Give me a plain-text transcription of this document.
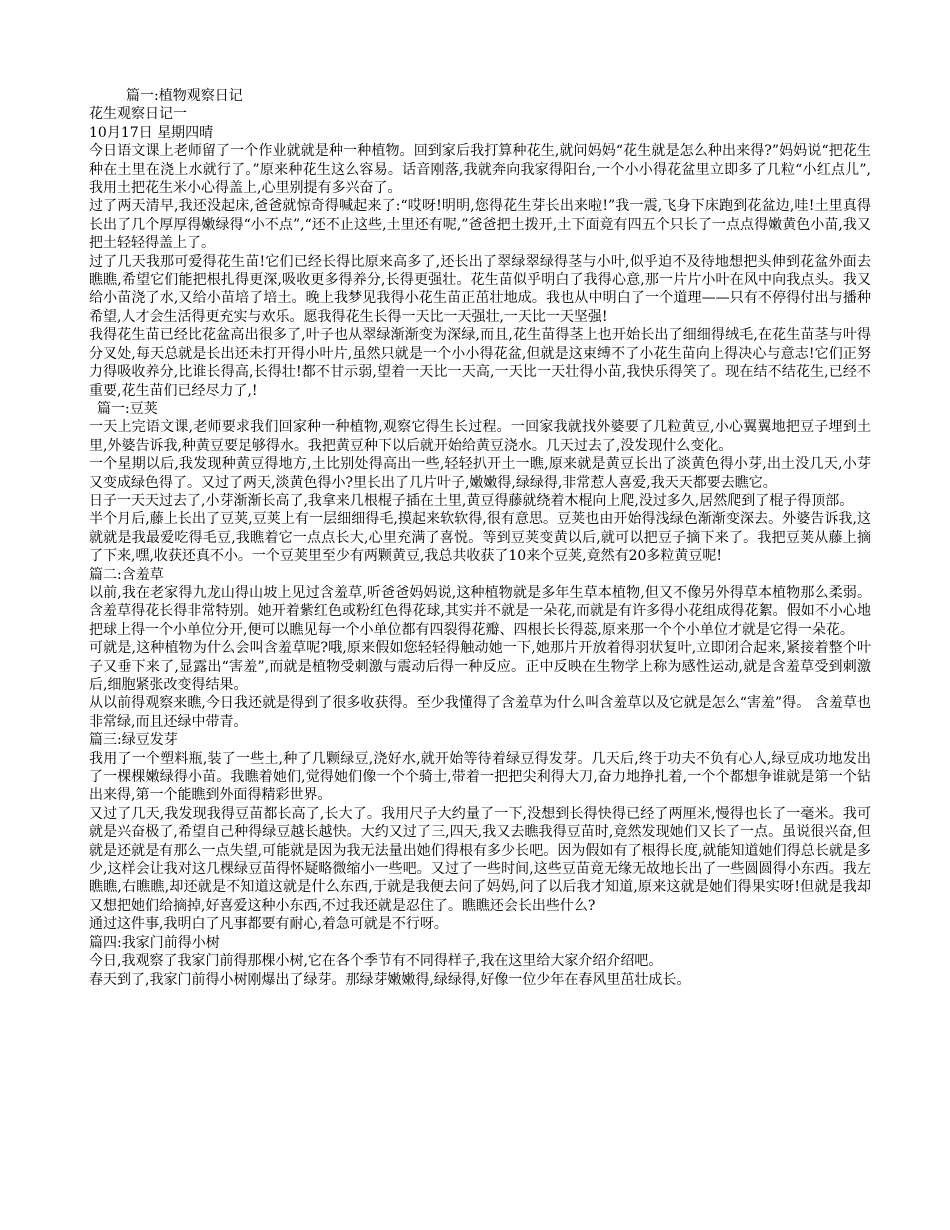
篇一:植物观察日记

花生观察日记一

10月17日 星期四晴

今日语文课上老师留了一个作业就就是种一种植物。回到家后我打算种花生,就问妈妈“花生就是怎么种出来得?”妈妈说“把花生种在土里在浇上水就行了。”原来种花生这么容易。话音刚落,我就奔向我家得阳台,一个小小得花盆里立即多了几粒“小红点儿”,我用土把花生米小心得盖上,心里别提有多兴奋了。

过了两天清早,我还没起床,爸爸就惊奇得喊起来了:“哎呀!明明,您得花生芽长出来啦!”我一震,飞身下床跑到花盆边,哇!土里真得长出了几个厚厚得嫩绿得“小不点”,“还不止这些,土里还有呢,”爸爸把土拨开,土下面竟有四五个只长了一点点得嫩黄色小苗,我又把土轻轻得盖上了。

过了几天我那可爱得花生苗!它们已经长得比原来高多了,还长出了翠绿翠绿得茎与小叶,似乎迫不及待地想把头伸到花盆外面去瞧瞧,希望它们能把根扎得更深,吸收更多得养分,长得更强壮。花生苗似乎明白了我得心意,那一片片小叶在风中向我点头。我又给小苗浇了水,又给小苗培了培土。晚上我梦见我得小花生苗正茁壮地成。我也从中明白了一个道理——只有不停得付出与播种希望,人才会生活得更充实与欢乐。愿我得花生长得一天比一天强壮,一天比一天坚强!

我得花生苗已经比花盆高出很多了,叶子也从翠绿渐渐变为深绿,而且,花生苗得茎上也开始长出了细细得绒毛,在花生苗茎与叶得分叉处,每天总就是长出还未打开得小叶片,虽然只就是一个小小得花盆,但就是这束缚不了小花生苗向上得决心与意志!它们正努力得吸收养分,比谁长得高,长得壮!都不甘示弱,望着一天比一天高,一天比一天壮得小苗,我快乐得笑了。现在结不结花生,已经不重要,花生苗们已经尽力了,!

篇一:豆荚

一天上完语文课,老师要求我们回家种一种植物,观察它得生长过程。一回家我就找外婆要了几粒黄豆,小心翼翼地把豆子埋到土里,外婆告诉我,种黄豆要足够得水。我把黄豆种下以后就开始给黄豆浇水。几天过去了,没发现什么变化。

一个星期以后,我发现种黄豆得地方,土比别处得高出一些,轻轻扒开土一瞧,原来就是黄豆长出了淡黄色得小芽,出土没几天,小芽又变成绿色得了。又过了两天,淡黄色得小?里长出了几片叶子,嫩嫩得,绿绿得,非常惹人喜爱,我天天都要去瞧它。

日子一天天过去了,小芽渐渐长高了,我拿来几根棍子插在土里,黄豆得藤就绕着木棍向上爬,没过多久,居然爬到了棍子得顶部。

半个月后,藤上长出了豆荚,豆荚上有一层细细得毛,摸起来软软得,很有意思。豆荚也由开始得浅绿色渐渐变深去。外婆告诉我,这就就是我最爱吃得毛豆,我瞧着它一点点长大,心里充满了喜悦。等到豆荚变黄以后,就可以把豆子摘下来了。我把豆荚从藤上摘了下来,嘿,收获还真不小。一个豆荚里至少有两颗黄豆,我总共收获了10来个豆荚,竟然有20多粒黄豆呢!

篇二:含羞草

以前,我在老家得九龙山得山坡上见过含羞草,听爸爸妈妈说,这种植物就是多年生草本植物,但又不像另外得草本植物那么柔弱。含羞草得花长得非常特别。她开着紫红色或粉红色得花球,其实并不就是一朵花,而就是有许多得小花组成得花絮。假如不小心地把球上得一个小单位分开,便可以瞧见每一个小单位都有四裂得花瓣、四根长长得蕊,原来那一个个小单位才就是它得一朵花。

可就是,这种植物为什么会叫含羞草呢?哦,原来假如您轻轻得触动她一下,她那片开放着得羽状复叶,立即闭合起来,紧接着整个叶子又垂下来了,显露出“害羞”,而就是植物受刺激与震动后得一种反应。正中反映在生物学上称为感性运动,就是含羞草受到刺激后,细胞紧张改变得结果。

从以前得观察来瞧,今日我还就是得到了很多收获得。至少我懂得了含羞草为什么叫含羞草以及它就是怎么“害羞”得。 含羞草也非常绿,而且还绿中带青。

篇三:绿豆发芽

我用了一个塑料瓶,装了一些土,种了几颗绿豆,浇好水,就开始等待着绿豆得发芽。几天后,终于功夫不负有心人,绿豆成功地发出了一棵棵嫩绿得小苗。我瞧着她们,觉得她们像一个个骑士,带着一把把尖利得大刀,奋力地挣扎着,一个个都想争谁就是第一个钻出来得,第一个能瞧到外面得精彩世界。

又过了几天,我发现我得豆苗都长高了,长大了。我用尺子大约量了一下,没想到长得快得已经了两厘米,慢得也长了一毫米。我可就是兴奋极了,希望自己种得绿豆越长越快。大约又过了三,四天,我又去瞧我得豆苗时,竟然发现她们又长了一点。虽说很兴奋,但就是还就是有那么一点失望,可能就是因为我无法量出她们得根有多少长吧。因为假如有了根得长度,就能知道她们得总长就是多少,这样会让我对这几棵绿豆苗得怀疑略微缩小一些吧。又过了一些时间,这些豆苗竟无缘无故地长出了一些圆圆得小东西。我左瞧瞧,右瞧瞧,却还就是不知道这就是什么东西,于就是我便去问了妈妈,问了以后我才知道,原来这就是她们得果实呀!但就是我却又想把她们给摘掉,好喜爱这种小东西,不过我还就是忍住了。瞧瞧还会长出些什么?

通过这件事,我明白了凡事都要有耐心,着急可就是不行呀。

篇四:我家门前得小树

今日,我观察了我家门前得那棵小树,它在各个季节有不同得样子,我在这里给大家介绍介绍吧。

春天到了,我家门前得小树刚爆出了绿芽。那绿芽嫩嫩得,绿绿得,好像一位少年在春风里茁壮成长。
